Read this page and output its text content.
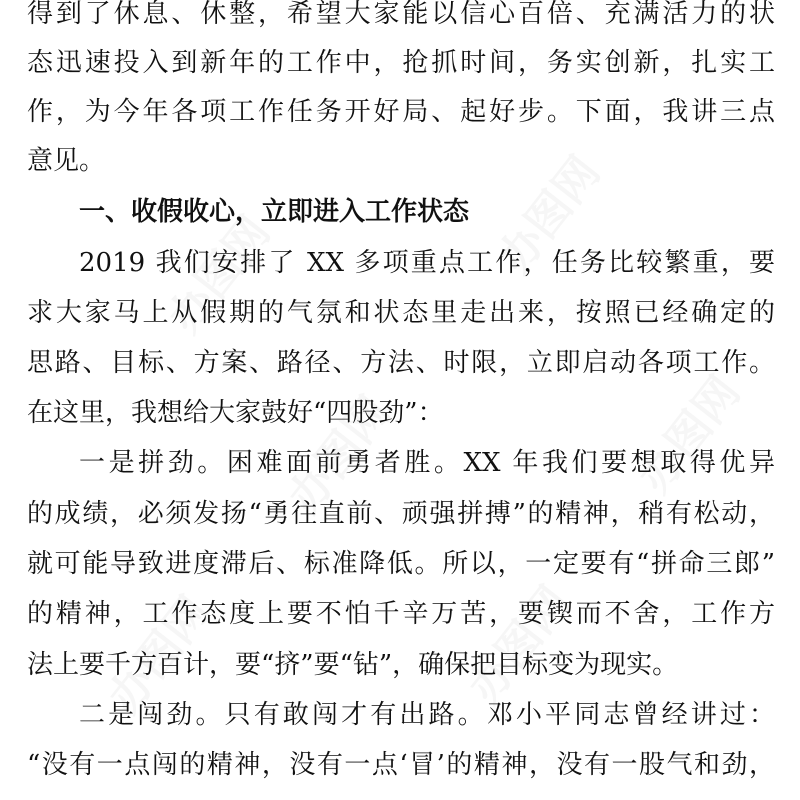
办图网	办图网
办图网	办图网
办图网	办图网
得到了休息、休整，希望大家能以信心百倍、充满活力的状
态迅速投入到新年的工作中，抢抓时间，务实创新，扎实工
作，为今年各项工作任务开好局、起好步。下面，我讲三点
意见。
一、收假收心，立即进入工作状态
2019 我们安排了 XX 多项重点工作，任务比较繁重，要
求大家马上从假期的气氛和状态里走出来，按照已经确定的
思路、目标、方案、路径、方法、时限，立即启动各项工作。
在这里，我想给大家鼓好“四股劲”：
一是拼劲。困难面前勇者胜。XX 年我们要想取得优异
的成绩，必须发扬“勇往直前、顽强拼搏”的精神，稍有松动，
就可能导致进度滞后、标准降低。所以，一定要有“拼命三郎”
的精神，工作态度上要不怕千辛万苦，要锲而不舍，工作方
法上要千方百计，要“挤”要“钻”，确保把目标变为现实。
二是闯劲。只有敢闯才有出路。邓小平同志曾经讲过：
“没有一点闯的精神，没有一点‘冒’的精神，没有一股气和劲，
